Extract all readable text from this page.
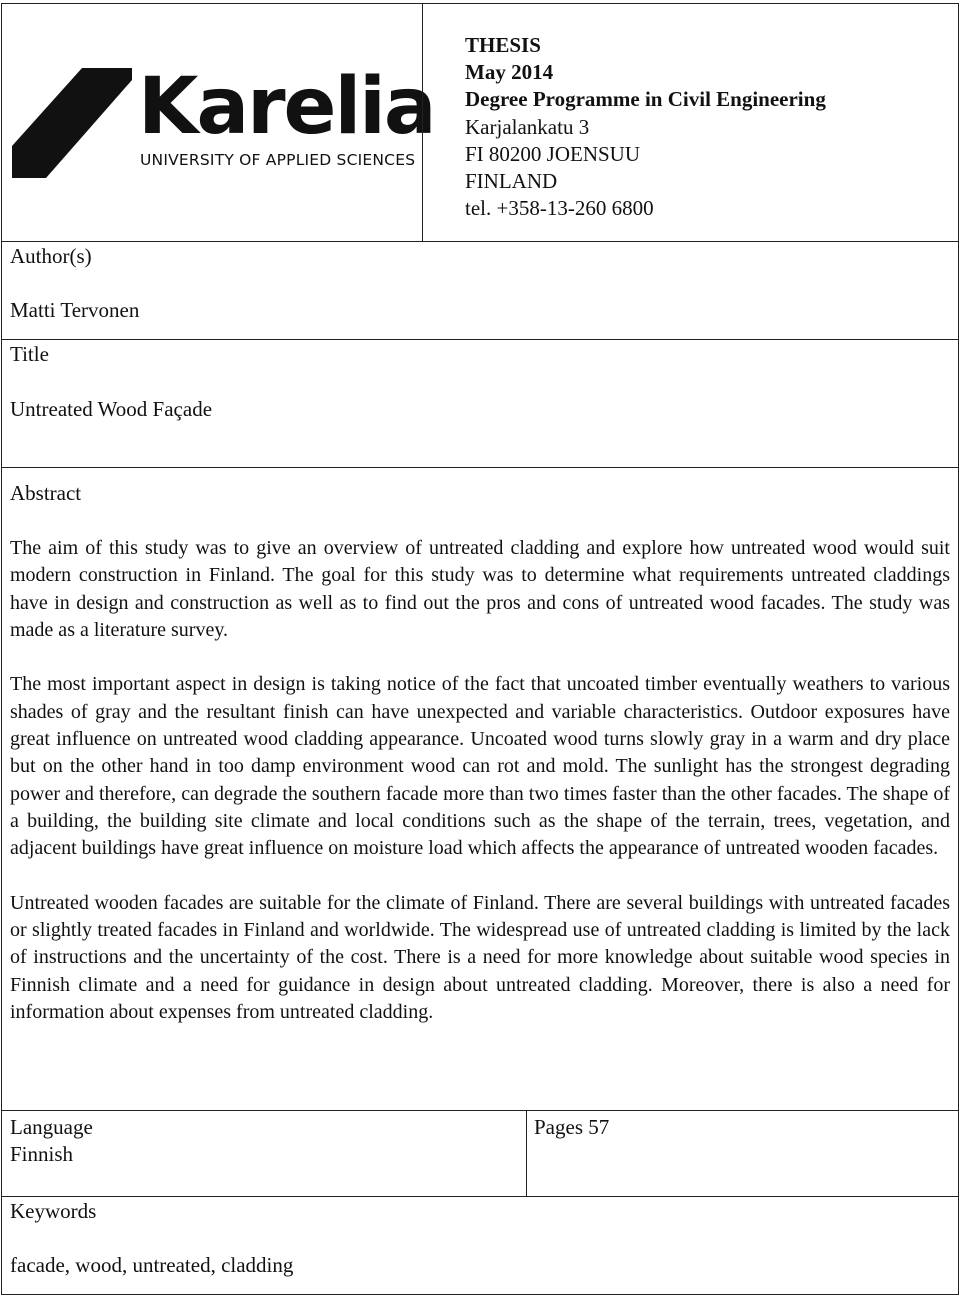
Karelia
UNIVERSITY OF APPLIED SCIENCES
THESIS
May 2014
Degree Programme in Civil Engineering
Karjalankatu 3
FI 80200 JOENSUU
FINLAND
tel. +358-13-260 6800
Author(s)
Matti Tervonen
Title
Untreated Wood Façade
Abstract

The aim of this study was to give an overview of untreated cladding and explore how untreated wood would suit modern construction in Finland. The goal for this study was to determine what requirements untreated claddings have in design and construction as well as to find out the pros and cons of untreated wood facades. The study was made as a literature survey.

The most important aspect in design is taking notice of the fact that uncoated timber eventually weathers to various shades of gray and the resultant finish can have unexpected and variable characteristics. Outdoor exposures have great influence on untreated wood cladding appearance. Uncoated wood turns slowly gray in a warm and dry place but on the other hand in too damp environment wood can rot and mold. The sunlight has the strongest degrading power and therefore, can degrade the southern facade more than two times faster than the other facades. The shape of a building, the building site climate and local conditions such as the shape of the terrain, trees, vegetation, and adjacent buildings have great influence on moisture load which affects the appearance of untreated wooden facades.

Untreated wooden facades are suitable for the climate of Finland. There are several buildings with untreated facades or slightly treated facades in Finland and worldwide. The widespread use of untreated cladding is limited by the lack of instructions and the uncertainty of the cost. There is a need for more knowledge about suitable wood species in Finnish climate and a need for guidance in design about untreated cladding. Moreover, there is also a need for information about expenses from untreated cladding.

Language
Finnish
Pages 57
Keywords
facade, wood, untreated, cladding
